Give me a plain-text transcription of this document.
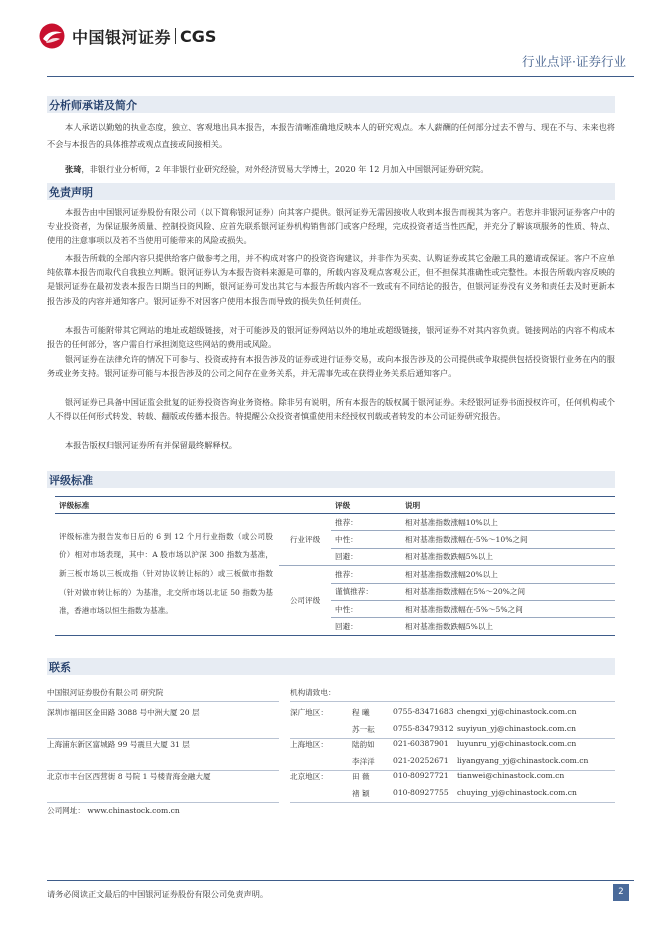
中国银河证券 CGS
行业点评·证券行业
分析师承诺及简介

本人承诺以勤勉的执业态度，独立、客观地出具本报告，本报告清晰准确地反映本人的研究观点。本人薪酬的任何部分过去不曾与、现在不与、未来也将不会与本报告的具体推荐或观点直接或间接相关。

张琦，非银行业分析师，2 年非银行业研究经验，对外经济贸易大学博士，2020 年 12 月加入中国银河证券研究院。

免责声明

本报告由中国银河证券股份有限公司（以下简称银河证券）向其客户提供。银河证券无需因接收人收到本报告而视其为客户。若您并非银河证券客户中的专业投资者，为保证服务质量、控制投资风险、应首先联系银河证券机构销售部门或客户经理，完成投资者适当性匹配，并充分了解该项服务的性质、特点、使用的注意事项以及若不当使用可能带来的风险或损失。

本报告所载的全部内容只提供给客户做参考之用，并不构成对客户的投资咨询建议，并非作为买卖、认购证券或其它金融工具的邀请或保证。客户不应单纯依靠本报告而取代自我独立判断。银河证券认为本报告资料来源是可靠的，所载内容及观点客观公正，但不担保其准确性或完整性。本报告所载内容反映的是银河证券在最初发表本报告日期当日的判断，银河证券可发出其它与本报告所载内容不一致或有不同结论的报告，但银河证券没有义务和责任去及时更新本报告涉及的内容并通知客户。银河证券不对因客户使用本报告而导致的损失负任何责任。

本报告可能附带其它网站的地址或超级链接，对于可能涉及的银河证券网站以外的地址或超级链接，银河证券不对其内容负责。链接网站的内容不构成本报告的任何部分，客户需自行承担浏览这些网站的费用或风险。

银河证券在法律允许的情况下可参与、投资或持有本报告涉及的证券或进行证券交易，或向本报告涉及的公司提供或争取提供包括投资银行业务在内的服务或业务支持。银河证券可能与本报告涉及的公司之间存在业务关系，并无需事先或在获得业务关系后通知客户。

银河证券已具备中国证监会批复的证券投资咨询业务资格。除非另有说明，所有本报告的版权属于银河证券。未经银河证券书面授权许可，任何机构或个人不得以任何形式转发、转载、翻版或传播本报告。特提醒公众投资者慎重使用未经授权刊载或者转发的本公司证券研究报告。

本报告版权归银河证券所有并保留最终解释权。

评级标准
评级标准		评级	说明
评级标准为报告发布日后的 6 到 12 个月行业指数（或公司股价）相对市场表现，其中：A 股市场以沪深 300 指数为基准，新三板市场以三板成指（针对协议转让标的）或三板做市指数（针对做市转让标的）为基准，北交所市场以北证 50 指数为基准，香港市场以恒生指数为基准。	行业评级	推荐：	相对基准指数涨幅10%以上
		中性：	相对基准指数涨幅在-5%～10%之间
		回避：	相对基准指数跌幅5%以上
	公司评级	推荐：	相对基准指数涨幅20%以上
		谨慎推荐：	相对基准指数涨幅在5%～20%之间
		中性：	相对基准指数涨幅在-5%～5%之间
		回避：	相对基准指数跌幅5%以上
联系
中国银河证券股份有限公司 研究院	机构请致电：
深圳市福田区金田路 3088 号中洲大厦 20 层	深广地区：	程 曦	0755-83471683 chengxi_yj@chinastock.com.cn
苏一耘 0755-83479312 suyiyun_yj@chinastock.com.cn
上海浦东新区富城路 99 号震旦大厦 31 层	上海地区：	陆韵如 021-60387901 luyunru_yj@chinastock.com.cn
李洋洋 021-20252671 liyangyang_yj@chinastock.com.cn
北京市丰台区西营街 8 号院 1 号楼青海金融大厦	北京地区：	田 薇	010-80927721 tianwei@chinastock.com.cn
褚 颖	010-80927755 chuying_yj@chinastock.com.cn
公司网址： www.chinastock.com.cn
请务必阅读正文最后的中国银河证券股份有限公司免责声明。	2
